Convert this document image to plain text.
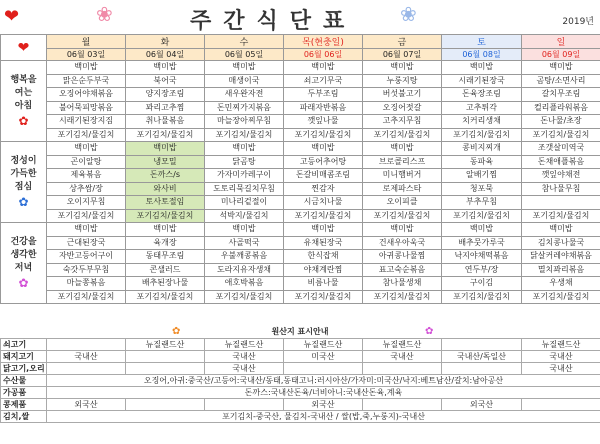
❤	❀	주간식단표 ❀	2019년
❤	월	화	수	목(현충일)	금	토	일
	06월 03일	06월 04일	06월 05일	06월 06일	06월 07일	06월 08일	06월 09일
행복을
여는
아침
✿	백미밥	백미밥	백미밥	백미밥	백미밥	백미밥	백미밥
	맑은순두부국	북어국	매생이국	쇠고기무국	누룽지탕	시래기된장국	곰탕/소면사리
	오징어야채볶음	양지장조림	새우완자전	두부조림	버섯불고기	돈육장조림	갈치무조림
	불어묵피망볶음	꽈리고추찜	돈민찌가지볶음	파래자반볶음	오징어젓갈	고추튀각	컬리플라워볶음
	시래기된장지짐	취나물볶음	마늘장아찌무침	깻잎나물	고추지무침	치커리생채	돈나물/초장
	포기김치/물김치	포기김치/물김치	포기김치/물김치	포기김치/물김치	포기김치/물김치	포기김치/물김치	포기김치/물김치
정성이
가득한
점심
✿	백미밥	백미밥	백미밥	백미밥	백미밥	콩비지찌개	조갯살미역국
	곤이알탕	냉모밀	닭곰탕	고등어추어탕	브로콜리스프	동파육	돈채애플볶음
	제육볶음	돈까스/s	가자미카레구이	돈갈비매콤조림	미니햄버거	알배기찜	깻잎야채전
	상추쌈/장	와사비	도토리묵길치무침	찐감자	로제파스타	청포묵	참나물무침
	오이지무침	토사토절임	미나리겉절이	시금치나물	오이피클	부추무침	
	포기김치/물김치	포기김치/물김치	석박지/물김치	포기김치/물김치	포기김치/물김치	포기김치/물김치	포기김치/물김치
건강을
생각한
저녁
✿	백미밥	백미밥	백미밥	백미밥	백미밥	백미밥	백미밥
	근대된장국	육개장	사골떡국	유채된장국	건새우아욱국	배추뭇가루국	김치콩나물국
	자반고등어구이	동태무조림	우불깨콩볶음	한식잡채	아귀콩나물찜	낙지야채떡볶음	닭살커레야채볶음
	숙갓두부무침	콘샐러드	도라지유자생채	야채계란찜	표고숙순볶음	연두부/장	멸치꽈리볶음
	마늘쫑볶음	배추된장나물	애호박볶음	비름나물	참나물생채	구이김	우생채
	포기김치/물김치	포기김치/물김치	포기김치/물김치	포기김치/물김치	포기김치/물김치	포기김치/물김치	포기김치/물김치
✿	원산지 표시안내	✿
쇠고기		뉴질랜드산	뉴질랜드산	뉴질랜드산	뉴질랜드산		뉴질랜드산
돼지고기	국내산		국내산	미국산	국내산	국내산/독일산	국내산
닭고기,오리			국내산				국내산
수산물	오징어,아귀:중국산/고등어:국내산/동태,동태고니:러시아산/가자미:미국산/낙지:베트남산/갈치:남아공산						
가공품	돈까스:국내산돈육/너비아니:국내산돈육,계육						
콩제품	외국산			외국산		외국산	
김치,쌀	포기김치-중국산, 물김치-국내산 / 쌀(밥,죽,누룽지)-국내산						
